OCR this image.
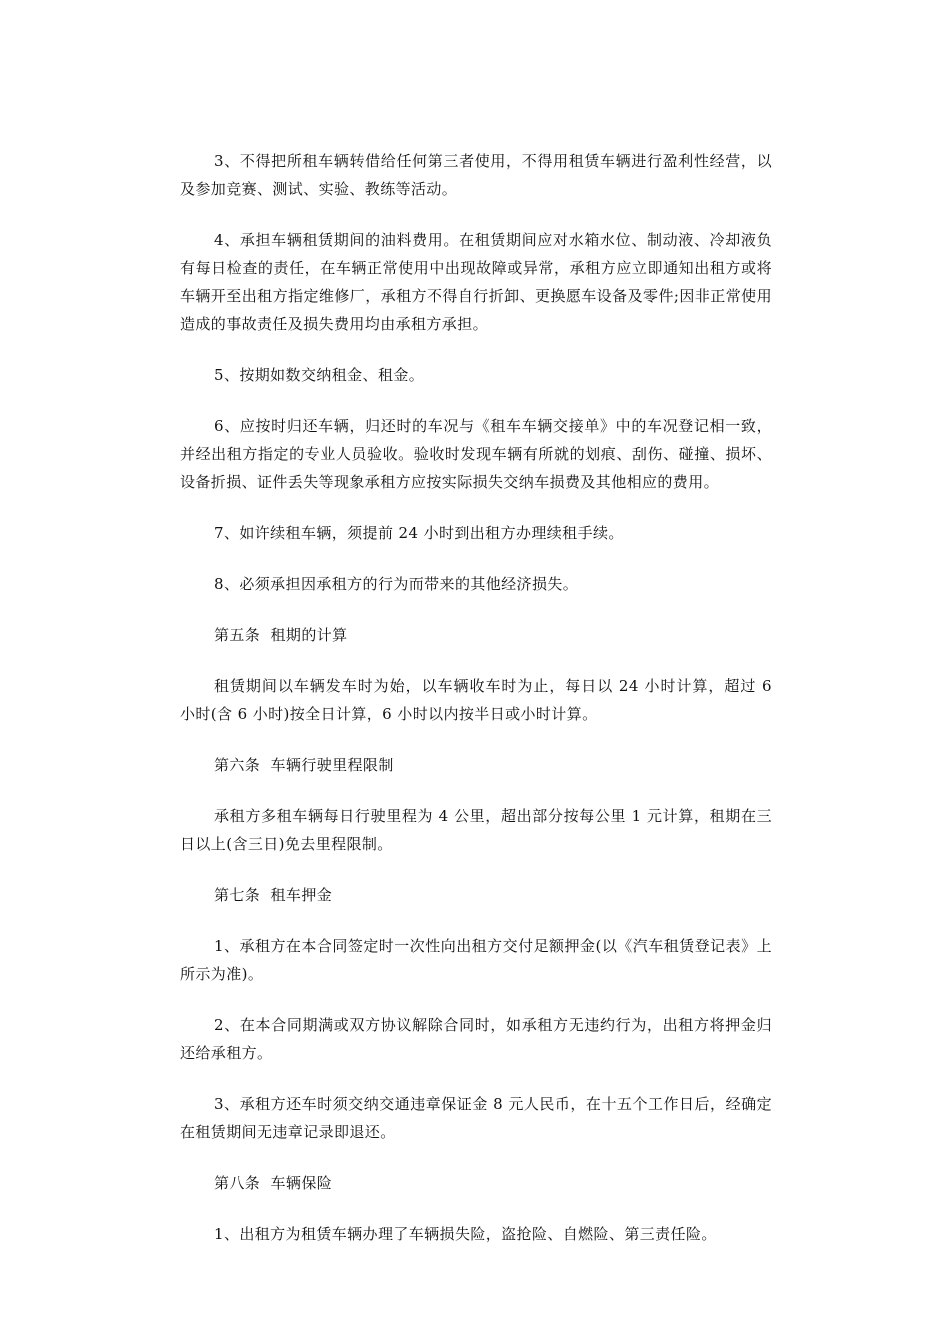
3、不得把所租车辆转借给任何第三者使用，不得用租赁车辆进行盈利性经营，以及参加竞赛、测试、实验、教练等活动。

4、承担车辆租赁期间的油料费用。在租赁期间应对水箱水位、制动液、冷却液负有每日检查的责任，在车辆正常使用中出现故障或异常，承租方应立即通知出租方或将车辆开至出租方指定维修厂，承租方不得自行折卸、更换愿车设备及零件;因非正常使用造成的事故责任及损失费用均由承租方承担。

5、按期如数交纳租金、租金。

6、应按时归还车辆，归还时的车况与《租车车辆交接单》中的车况登记相一致，并经出租方指定的专业人员验收。验收时发现车辆有所就的划痕、刮伤、碰撞、损坏、设备折损、证件丢失等现象承租方应按实际损失交纳车损费及其他相应的费用。

7、如许续租车辆，须提前 24 小时到出租方办理续租手续。

8、必须承担因承租方的行为而带来的其他经济损失。

第五条  租期的计算

租赁期间以车辆发车时为始，以车辆收车时为止，每日以 24 小时计算，超过 6 小时(含 6 小时)按全日计算，6 小时以内按半日或小时计算。

第六条  车辆行驶里程限制

承租方多租车辆每日行驶里程为 4 公里，超出部分按每公里 1 元计算，租期在三日以上(含三日)免去里程限制。

第七条  租车押金

1、承租方在本合同签定时一次性向出租方交付足额押金(以《汽车租赁登记表》上所示为准)。

2、在本合同期满或双方协议解除合同时，如承租方无违约行为，出租方将押金归还给承租方。

3、承租方还车时须交纳交通违章保证金 8 元人民币，在十五个工作日后，经确定在租赁期间无违章记录即退还。

第八条  车辆保险

1、出租方为租赁车辆办理了车辆损失险，盗抢险、自燃险、第三责任险。
